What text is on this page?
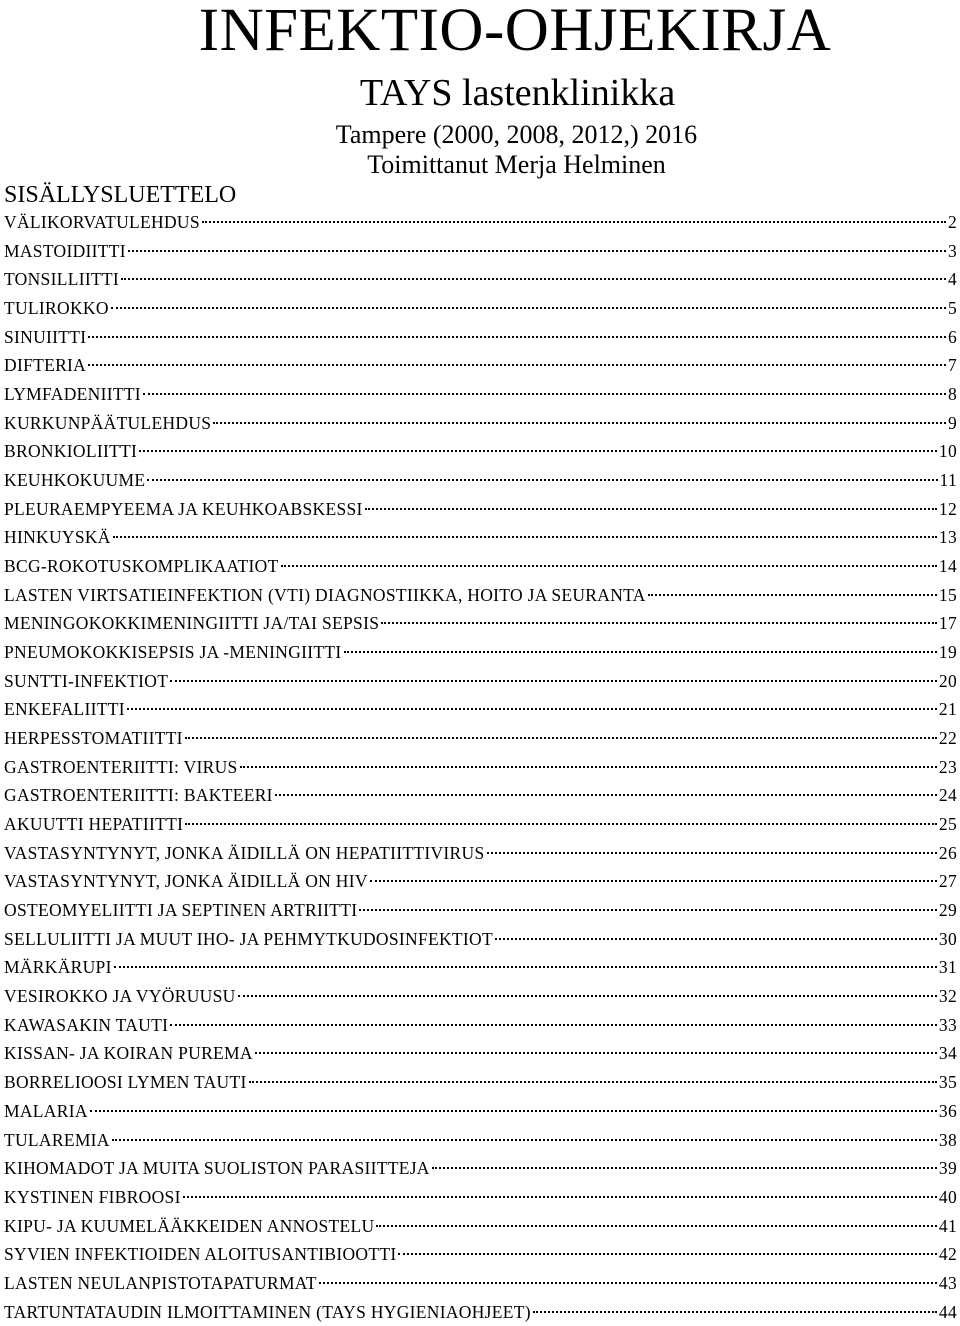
INFEKTIO-OHJEKIRJA
TAYS lastenklinikka
Tampere (2000, 2008, 2012,) 2016
Toimittanut Merja Helminen
SISÄLLYSLUETTELO
VÄLIKORVATULEHDUS	2
MASTOIDIITTI	3
TONSILLIITTI	4
TULIROKKO	5
SINUIITTI	6
DIFTERIA	7
LYMFADENIITTI	8
KURKUNPÄÄTULEHDUS	9
BRONKIOLIITTI	10
KEUHKOKUUME	11
PLEURAEMPYEEMA JA KEUHKOABSKESSI	12
HINKUYSKÄ	13
BCG-ROKOTUSKOMPLIKAATIOT	14
LASTEN VIRTSATIEINFEKTION (VTI) DIAGNOSTIIKKA, HOITO JA SEURANTA	15
MENINGOKOKKIMENINGIITTI JA/TAI SEPSIS	17
PNEUMOKOKKISEPSIS JA -MENINGIITTI	19
SUNTTI-INFEKTIOT	20
ENKEFALIITTI	21
HERPESSTOMATIITTI	22
GASTROENTERIITTI: VIRUS	23
GASTROENTERIITTI: BAKTEERI	24
AKUUTTI HEPATIITTI	25
VASTASYNTYNYT, JONKA ÄIDILLÄ ON HEPATIITTIVIRUS	26
VASTASYNTYNYT, JONKA ÄIDILLÄ ON HIV	27
OSTEOMYELIITTI JA SEPTINEN ARTRIITTI	29
SELLULIITTI JA MUUT IHO- JA PEHMYTKUDOSINFEKTIOT	30
MÄRKÄRUPI	31
VESIROKKO JA VYÖRUUSU	32
KAWASAKIN TAUTI	33
KISSAN- JA KOIRAN PUREMA	34
BORRELIOOSI LYMEN TAUTI	35
MALARIA	36
TULAREMIA	38
KIHOMADOT JA MUITA SUOLISTON PARASIITTEJA	39
KYSTINEN FIBROOSI	40
KIPU- JA KUUMELÄÄKKEIDEN ANNOSTELU	41
SYVIEN INFEKTIOIDEN ALOITUSANTIBIOOTTI	42
LASTEN NEULANPISTOTAPATURMAT	43
TARTUNTATAUDIN ILMOITTAMINEN (TAYS HYGIENIAOHJEET)	44
